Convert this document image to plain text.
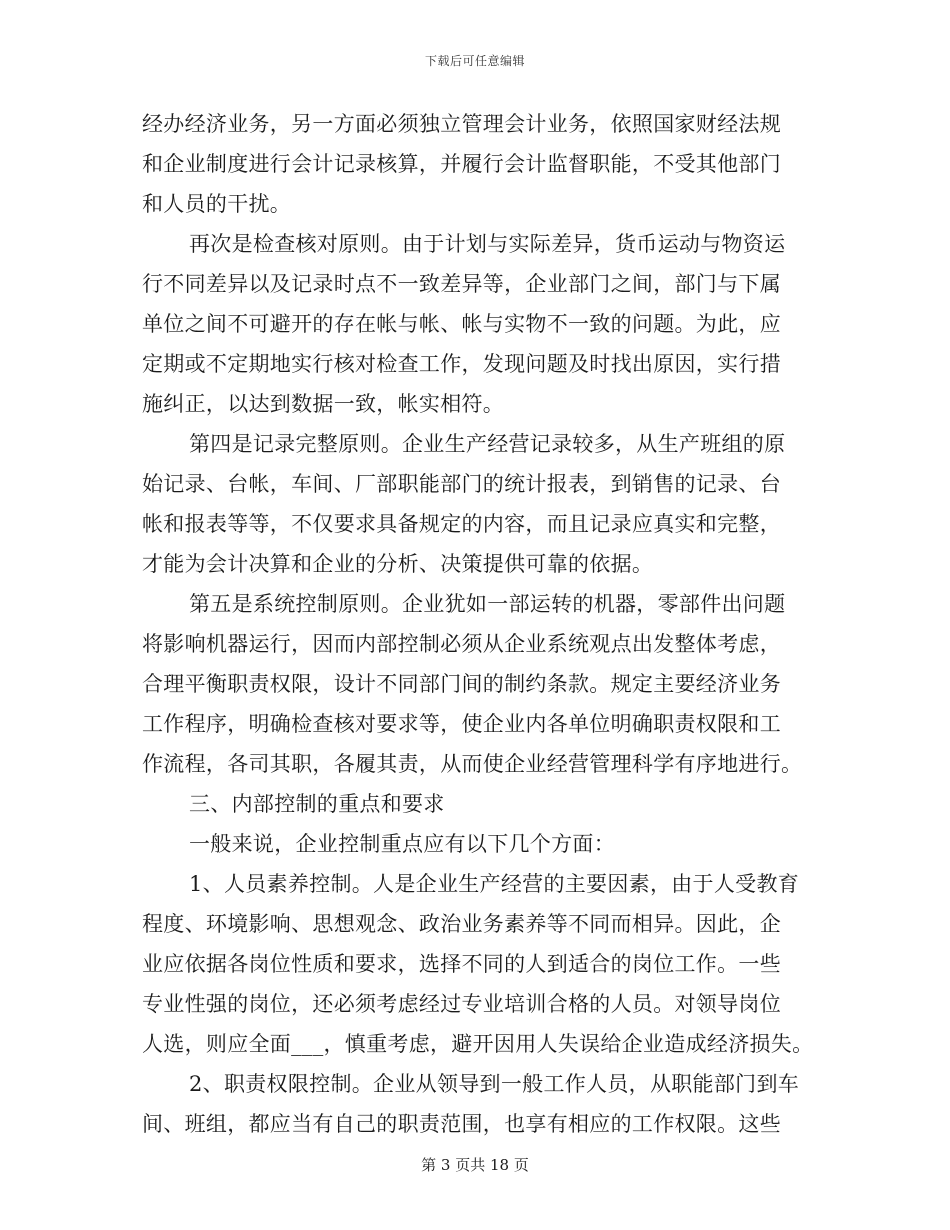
下载后可任意编辑
经办经济业务，另一方面必须独立管理会计业务，依照国家财经法规
和企业制度进行会计记录核算，并履行会计监督职能，不受其他部门
和人员的干扰。
再次是检查核对原则。由于计划与实际差异，货币运动与物资运
行不同差异以及记录时点不一致差异等，企业部门之间，部门与下属
单位之间不可避开的存在帐与帐、帐与实物不一致的问题。为此，应
定期或不定期地实行核对检查工作，发现问题及时找出原因，实行措
施纠正，以达到数据一致，帐实相符。
第四是记录完整原则。企业生产经营记录较多，从生产班组的原
始记录、台帐，车间、厂部职能部门的统计报表，到销售的记录、台
帐和报表等等，不仅要求具备规定的内容，而且记录应真实和完整，
才能为会计决算和企业的分析、决策提供可靠的依据。
第五是系统控制原则。企业犹如一部运转的机器，零部件出问题
将影响机器运行，因而内部控制必须从企业系统观点出发整体考虑，
合理平衡职责权限，设计不同部门间的制约条款。规定主要经济业务
工作程序，明确检查核对要求等，使企业内各单位明确职责权限和工
作流程，各司其职，各履其责，从而使企业经营管理科学有序地进行。
三、内部控制的重点和要求
一般来说，企业控制重点应有以下几个方面：
1、人员素养控制。人是企业生产经营的主要因素，由于人受教育
程度、环境影响、思想观念、政治业务素养等不同而相异。因此，企
业应依据各岗位性质和要求，选择不同的人到适合的岗位工作。一些
专业性强的岗位，还必须考虑经过专业培训合格的人员。对领导岗位
人选，则应全面___，慎重考虑，避开因用人失误给企业造成经济损失。
2、职责权限控制。企业从领导到一般工作人员，从职能部门到车
间、班组，都应当有自己的职责范围，也享有相应的工作权限。这些
第 3 页共 18 页
